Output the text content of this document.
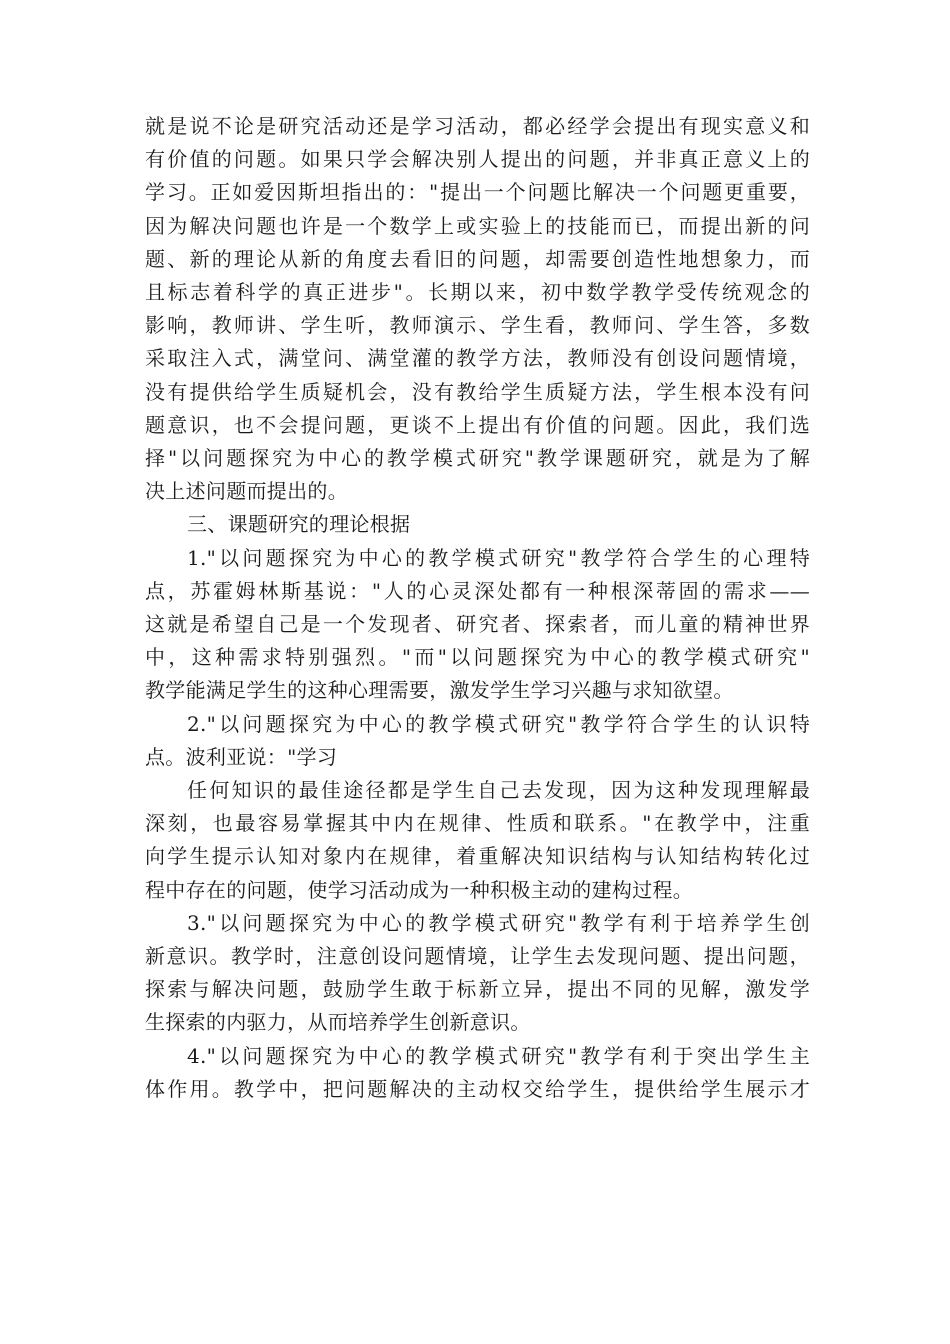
就是说不论是研究活动还是学习活动，都必经学会提出有现实意义和
有价值的问题。如果只学会解决别人提出的问题，并非真正意义上的
学习。正如爱因斯坦指出的："提出一个问题比解决一个问题更重要，
因为解决问题也许是一个数学上或实验上的技能而已，而提出新的问
题、新的理论从新的角度去看旧的问题，却需要创造性地想象力，而
且标志着科学的真正进步"。长期以来，初中数学教学受传统观念的
影响，教师讲、学生听，教师演示、学生看，教师问、学生答，多数
采取注入式，满堂问、满堂灌的教学方法，教师没有创设问题情境，
没有提供给学生质疑机会，没有教给学生质疑方法，学生根本没有问
题意识，也不会提问题，更谈不上提出有价值的问题。因此，我们选
择"以问题探究为中心的教学模式研究"教学课题研究，就是为了解
决上述问题而提出的。
三、课题研究的理论根据
1."以问题探究为中心的教学模式研究"教学符合学生的心理特
点，苏霍姆林斯基说："人的心灵深处都有一种根深蒂固的需求——
这就是希望自己是一个发现者、研究者、探索者，而儿童的精神世界
中，这种需求特别强烈。"而"以问题探究为中心的教学模式研究"
教学能满足学生的这种心理需要，激发学生学习兴趣与求知欲望。
2."以问题探究为中心的教学模式研究"教学符合学生的认识特
点。波利亚说："学习
任何知识的最佳途径都是学生自己去发现，因为这种发现理解最
深刻，也最容易掌握其中内在规律、性质和联系。"在教学中，注重
向学生提示认知对象内在规律，着重解决知识结构与认知结构转化过
程中存在的问题，使学习活动成为一种积极主动的建构过程。
3."以问题探究为中心的教学模式研究"教学有利于培养学生创
新意识。教学时，注意创设问题情境，让学生去发现问题、提出问题，
探索与解决问题，鼓励学生敢于标新立异，提出不同的见解，激发学
生探索的内驱力，从而培养学生创新意识。
4."以问题探究为中心的教学模式研究"教学有利于突出学生主
体作用。教学中，把问题解决的主动权交给学生，提供给学生展示才
